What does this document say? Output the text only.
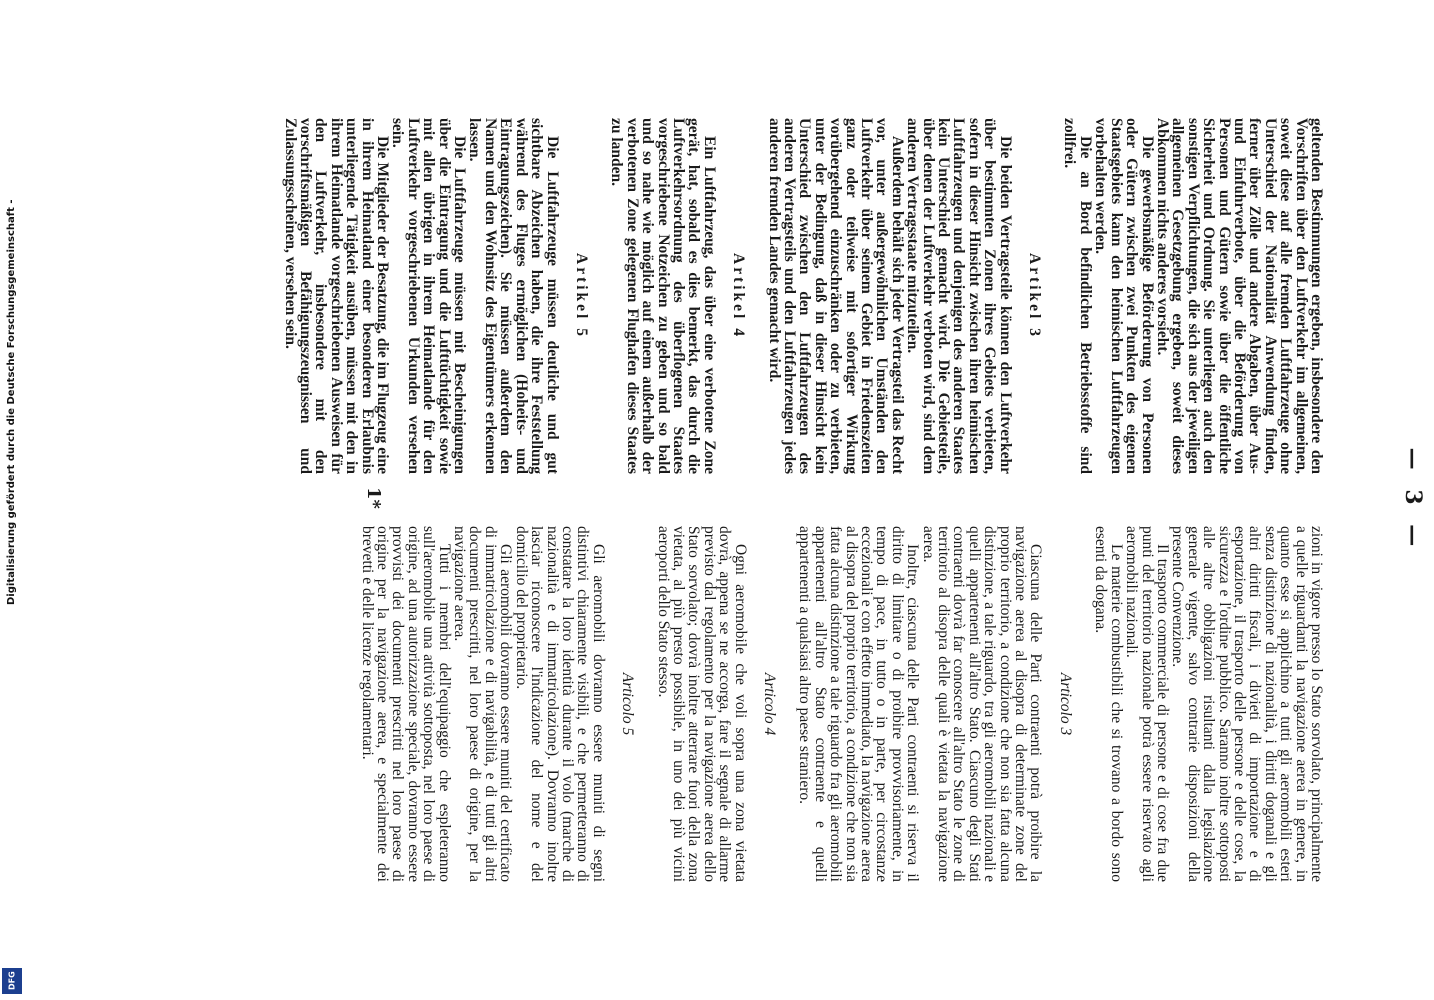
— 3 —

geltenden Bestimmungen ergeben, insbesondere den Vorschriften über den Luftverkehr im allgemeinen, soweit diese auf alle fremden Luftfahrzeuge ohne Unterschied der Nationalität Anwendung finden, ferner über Zölle und andere Abgaben, über Aus- und Einfuhrverbote, über die Beförderung von Personen und Gütern sowie über die öffentliche Sicherheit und Ordnung. Sie unterliegen auch den sonstigen Verpflichtungen, die sich aus der jeweiligen allgemeinen Gesetzgebung ergeben, soweit dieses Abkommen nichts anderes vorsieht.

Die gewerbsmäßige Beförderung von Personen oder Gütern zwischen zwei Punkten des eigenen Staatsgebiets kann den heimischen Luftfahrzeugen vorbehalten werden.

Die an Bord befindlichen Betriebsstoffe sind zollfrei.

Artikel 3

Die beiden Vertragsteile können den Luftverkehr über bestimmten Zonen ihres Gebiets verbieten, sofern in dieser Hinsicht zwischen ihren heimischen Luftfahrzeugen und denjenigen des anderen Staates kein Unterschied gemacht wird. Die Gebietsteile, über denen der Luftverkehr verboten wird, sind dem anderen Vertragsstaate mitzuteilen.

Außerdem behält sich jeder Vertragsteil das Recht vor, unter außergewöhnlichen Umständen den Luftverkehr über seinem Gebiet in Friedenszeiten ganz oder teilweise mit sofortiger Wirkung vorübergehend einzuschränken oder zu verbieten, unter der Bedingung, daß in dieser Hinsicht kein Unterschied zwischen den Luftfahrzeugen des anderen Vertragsteils und den Luftfahrzeugen jedes anderen fremden Landes gemacht wird.

Artikel 4

Ein Luftfahrzeug, das über eine verbotene Zone gerät, hat, sobald es dies bemerkt, das durch die Luftverkehrsordnung des überflogenen Staates vorgeschriebene Notzeichen zu geben und so bald und so nahe wie möglich auf einem außerhalb der verbotenen Zone gelegenen Flughafen dieses Staates zu landen.

Artikel 5

Die Luftfahrzeuge müssen deutliche und gut sichtbare Abzeichen haben, die ihre Feststellung während des Fluges ermöglichen (Hoheits- und Eintragungszeichen). Sie müssen außerdem den Namen und den Wohnsitz des Eigentümers erkennen lassen.

Die Luftfahrzeuge müssen mit Bescheinigungen über die Eintragung und die Lufttüchtigkeit sowie mit allen übrigen in ihrem Heimatlande für den Luftverkehr vorgeschriebenen Urkunden versehen sein.

Die Mitglieder der Besatzung, die im Flugzeug eine in ihrem Heimatland einer besonderen Erlaubnis unterliegende Tätigkeit ausüben, müssen mit den in ihrem Heimatlande vorgeschriebenen Ausweisen für den Luftverkehr, insbesondere mit den vorschriftsmäßigen Befähigungszeugnissen und Zulassungsscheinen, versehen sein.

zioni in vigore presso lo Stato sorvolato, principalmente a quelle riguardanti la navigazione aerea in genere, in quanto esse si applichino a tutti gli aeromobili esteri senza distinzione di nazionalità, i diritti doganali e gli altri diritti fiscali, i divieti di importazione e di esportazione, il trasporto delle persone e delle cose, la sicurezza e l'ordine pubblico. Saranno inoltre sottoposti alle altre obbligazioni risultanti dalla legislazione generale vigente, salvo contrarie disposizioni della presente Convenzione.

Il trasporto commerciale di persone e di cose fra due punti del territorio nazionale potrà essere riservato agli aeromobili nazionali.

Le materie combustibili che si trovano a bordo sono esenti da dogana.

Articolo 3

Ciascuna delle Parti contraenti potrà proibire la navigazione aerea al disopra di determinate zone del proprio territorio, a condizione che non sia fatta alcuna distinzione, a tale riguardo, tra gli aeromobili nazionali e quelli appartenenti all'altro Stato. Ciascuno degli Stati contraenti dovrà far conoscere all'altro Stato le zone di territorio al disopra delle quali è vietata la navigazione aerea.

Inoltre, ciascuna delle Parti contraenti si riserva il diritto di limitare o di proibire provvisoriamente, in tempo di pace, in tutto o in parte, per circostanze eccezionali e con effetto immediato, la navigazione aerea al disopra del proprio territorio, a condizione che non sia fatta alcuna distinzione a tale riguardo fra gli aeromobili appartenenti all'altro Stato contraente e quelli appartenenti a qualsiasi altro paese straniero.

Articolo 4

Ogni aeromobile che voli sopra una zona vietata dovrà, appena se ne accorga, fare il segnale di allarme previsto dal regolamento per la navigazione aerea dello Stato sorvolato; dovrà inoltre atterrare fuori della zona vietata, al più presto possibile, in uno dei più vicini aeroporti dello Stato stesso.

Articolo 5

Gli aeromobili dovranno essere muniti di segni distintivi chiaramente visibili, e che permetteranno di constatare la loro identità durante il volo (marche di nazionalità e di immatricolazione). Dovranno inoltre lasciar riconoscere l'indicazione del nome e del domicilio del proprietario.

Gli aeromobili dovranno essere muniti del certificato di immatricolazione e di navigabilità, e di tutti gli altri documenti prescritti, nel loro paese di origine, per la navigazione aerea.

Tutti i membri dell'equipaggio che espleteranno sull'aeromobile una attività sottoposta, nel loro paese di origine, ad una autorizzazione speciale, dovranno essere provvisti dei documenti prescritti nel loro paese di origine per la navigazione aerea, e specialmente dei brevetti e delle licenze regolamentari.

1*
Digitalisierung gefördert durch die Deutsche Forschungsgemeinschaft -
DFG
